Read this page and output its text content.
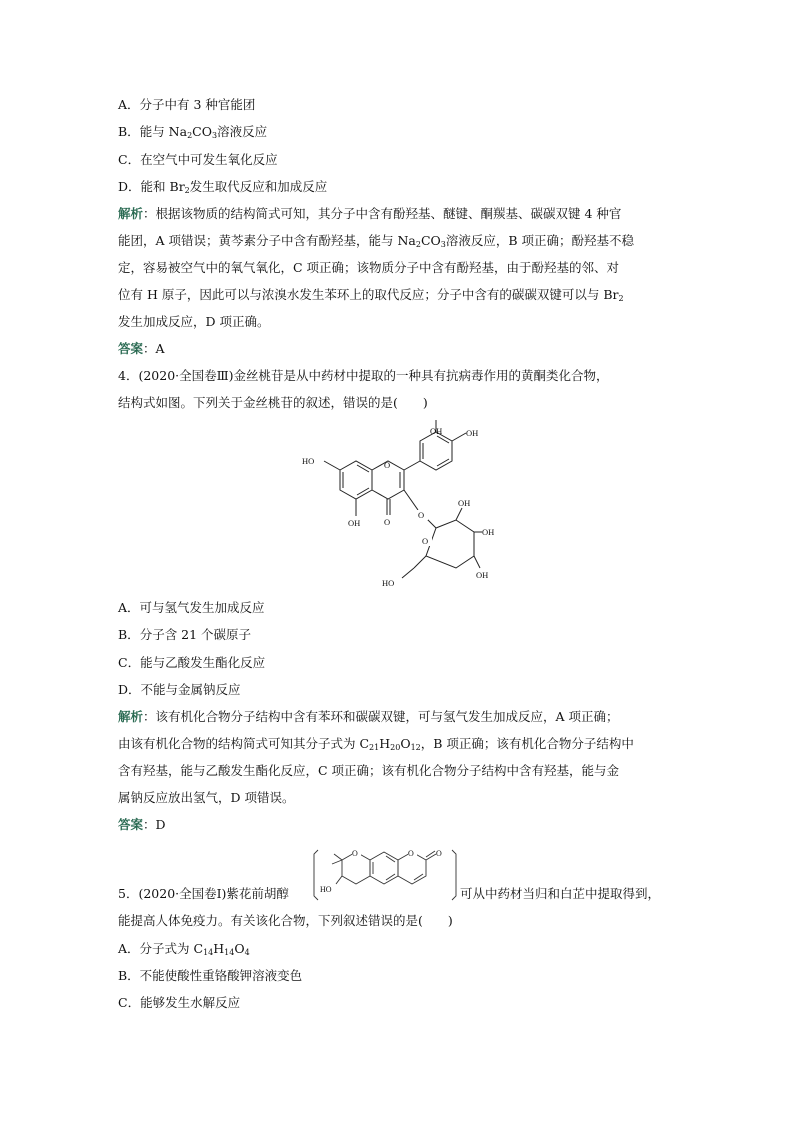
A．分子中有 3 种官能团
B．能与 $Na_2CO_3$溶液反应
C．在空气中可发生氧化反应
D．能和 $Br_2$发生取代反应和加成反应
解析：根据该物质的结构简式可知，其分子中含有酚羟基、醚键、酮羰基、碳碳双键 4 种官
能团，A 项错误；黄芩素分子中含有酚羟基，能与 $Na_2CO_3$溶液反应，B 项正确；酚羟基不稳
定，容易被空气中的氧气氧化，C 项正确；该物质分子中含有酚羟基，由于酚羟基的邻、对
位有 H 原子，因此可以与浓溴水发生苯环上的取代反应；分子中含有的碳碳双键可以与 $Br_2$
发生加成反应，D 项正确。
答案：A
4．(2020·全国卷Ⅲ)金丝桃苷是从中药材中提取的一种具有抗病毒作用的黄酮类化合物，
结构式如图。下列关于金丝桃苷的叙述，错误的是(　　)
OH	OH
HO	O
OH	O
O
OH
OH
O
OH
HO
A．可与氢气发生加成反应
B．分子含 21 个碳原子
C．能与乙酸发生酯化反应
D．不能与金属钠反应
解析：该有机化合物分子结构中含有苯环和碳碳双键，可与氢气发生加成反应，A 项正确；
由该有机化合物的结构简式可知其分子式为 $C_{21}H_{20}O_{12}$，B 项正确；该有机化合物分子结构中
含有羟基，能与乙酸发生酯化反应，C 项正确；该有机化合物分子结构中含有羟基，能与金
属钠反应放出氢气，D 项错误。
答案：D
5．(2020·全国卷Ⅰ)紫花前胡醇
O	O	O
HO	可从中药材当归和白芷中提取得到，
能提高人体免疫力。有关该化合物，下列叙述错误的是(　　)
A．分子式为 $C_{14}H_{14}O_4$
B．不能使酸性重铬酸钾溶液变色
C．能够发生水解反应
